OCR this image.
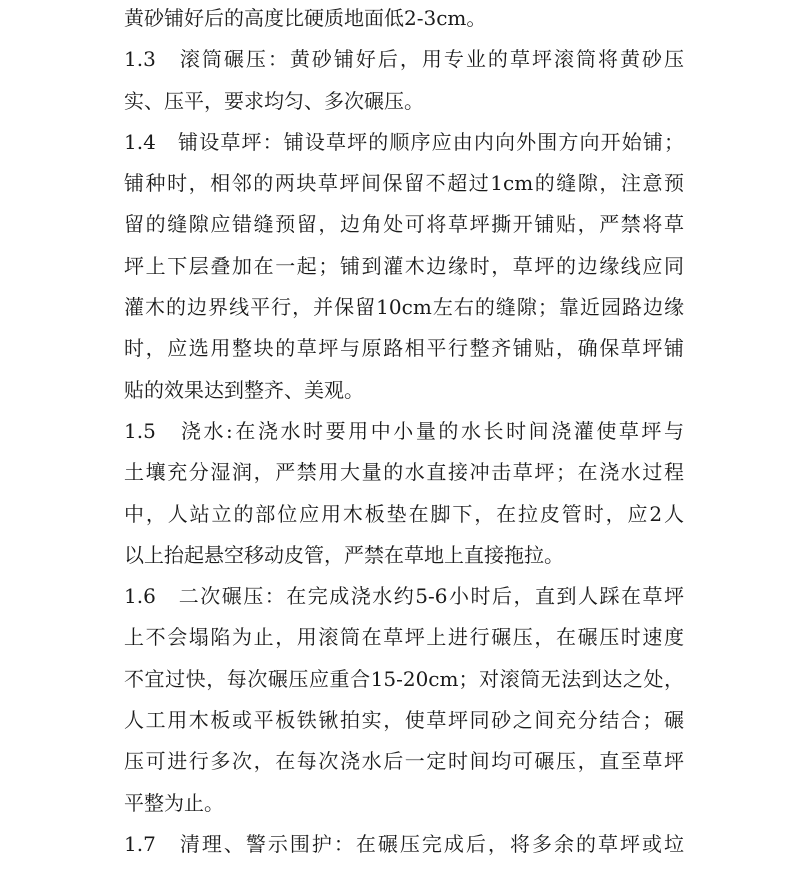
黄砂铺好后的高度比硬质地面低2-3cm。
1.3　滚筒碾压：黄砂铺好后，用专业的草坪滚筒将黄砂压
实、压平，要求均匀、多次碾压。
1.4　铺设草坪：铺设草坪的顺序应由内向外围方向开始铺；
铺种时，相邻的两块草坪间保留不超过1cm的缝隙，注意预
留的缝隙应错缝预留，边角处可将草坪撕开铺贴，严禁将草
坪上下层叠加在一起；铺到灌木边缘时，草坪的边缘线应同
灌木的边界线平行，并保留10cm左右的缝隙；靠近园路边缘
时，应选用整块的草坪与原路相平行整齐铺贴，确保草坪铺
贴的效果达到整齐、美观。
1.5　浇水:在浇水时要用中小量的水长时间浇灌使草坪与
土壤充分湿润，严禁用大量的水直接冲击草坪；在浇水过程
中，人站立的部位应用木板垫在脚下，在拉皮管时，应2人
以上抬起悬空移动皮管，严禁在草地上直接拖拉。
1.6　二次碾压：在完成浇水约5-6小时后，直到人踩在草坪
上不会塌陷为止，用滚筒在草坪上进行碾压，在碾压时速度
不宜过快，每次碾压应重合15-20cm；对滚筒无法到达之处，
人工用木板或平板铁锹拍实，使草坪同砂之间充分结合；碾
压可进行多次，在每次浇水后一定时间均可碾压，直至草坪
平整为止。
1.7　清理、警示围护：在碾压完成后，将多余的草坪或垃
